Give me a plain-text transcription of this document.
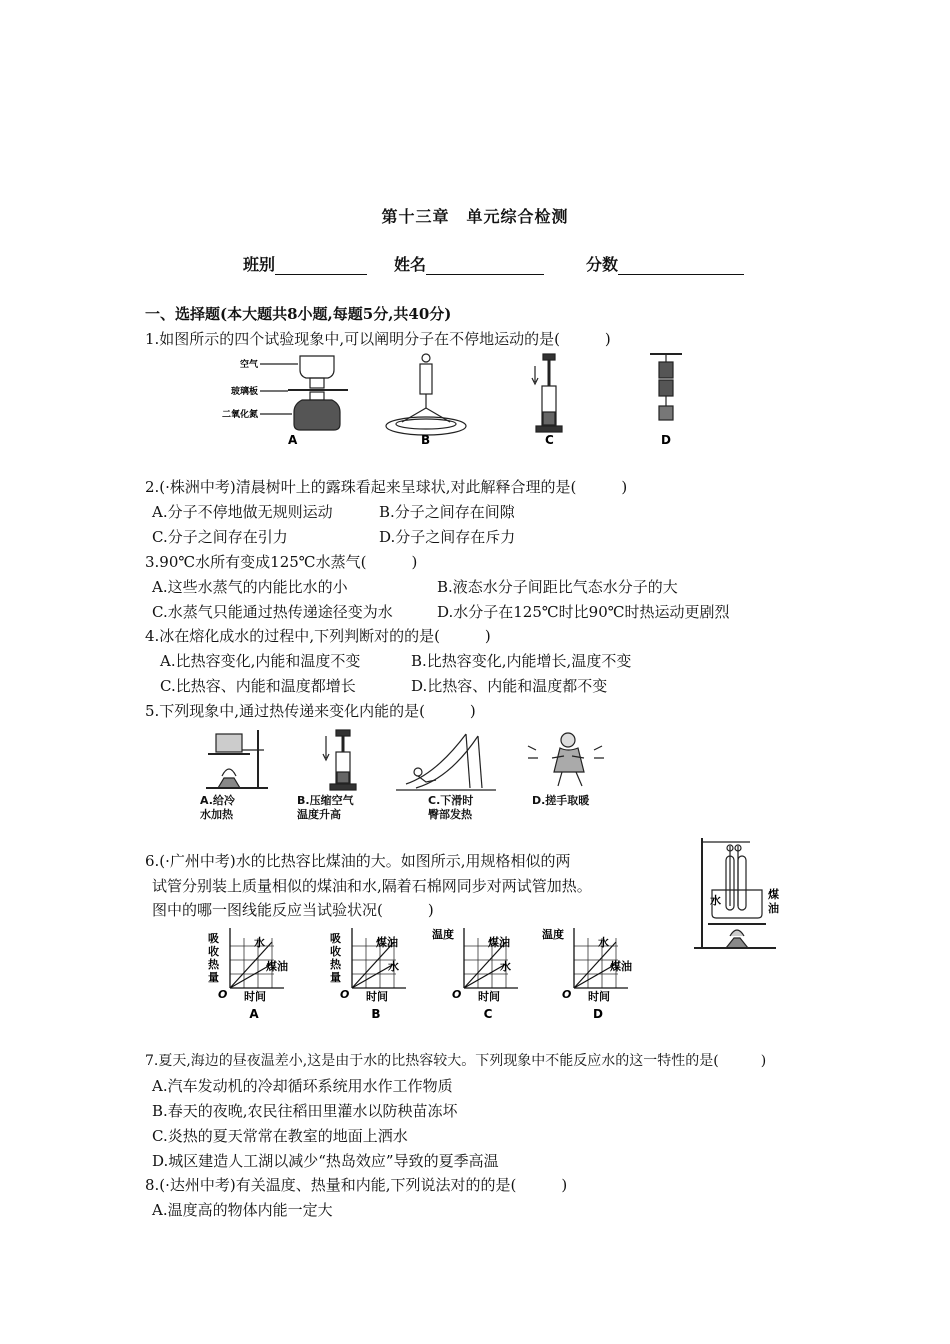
第十三章　单元综合检测
班别	姓名	分数
一、选择题(本大题共8小题,每题5分,共40分)
1.如图所示的四个试验现象中,可以阐明分子在不停地运动的是(　　　)
空气
玻璃板
二氧化氮
A	B	C	D
2.(·株洲中考)清晨树叶上的露珠看起来呈球状,对此解释合理的是(　　　)
A.分子不停地做无规则运动	B.分子之间存在间隙
C.分子之间存在引力	D.分子之间存在斥力
3.90℃水所有变成125℃水蒸气(　　　)
A.这些水蒸气的内能比水的小	B.液态水分子间距比气态水分子的大
C.水蒸气只能通过热传递途径变为水	D.水分子在125℃时比90℃时热运动更剧烈
4.冰在熔化成水的过程中,下列判断对的的是(　　　)
A.比热容变化,内能和温度不变	B.比热容变化,内能增长,温度不变
C.比热容、内能和温度都增长	D.比热容、内能和温度都不变
5.下列现象中,通过热传递来变化内能的是(　　　)
A.给冷
水加热
B.压缩空气
温度升高
C.下滑时
臀部发热
D.搓手取暖
6.(·广州中考)水的比热容比煤油的大。如图所示,用规格相似的两
试管分别装上质量相似的煤油和水,隔着石棉网同步对两试管加热。
图中的哪一图线能反应当试验状况(　　　)
水	煤
油
水
煤油
O 时间
吸
收
热
量
A
煤油
水
O 时间
吸
收
热
量
B
煤油
水
O 时间
温度
C
水
煤油
O 时间
温度
D
7.夏天,海边的昼夜温差小,这是由于水的比热容较大。下列现象中不能反应水的这一特性的是(　　　)
A.汽车发动机的冷却循环系统用水作工作物质
B.春天的夜晚,农民往稻田里灌水以防秧苗冻坏
C.炎热的夏天常常在教室的地面上洒水
D.城区建造人工湖以减少“热岛效应”导致的夏季高温
8.(·达州中考)有关温度、热量和内能,下列说法对的的是(　　　)
A.温度高的物体内能一定大
